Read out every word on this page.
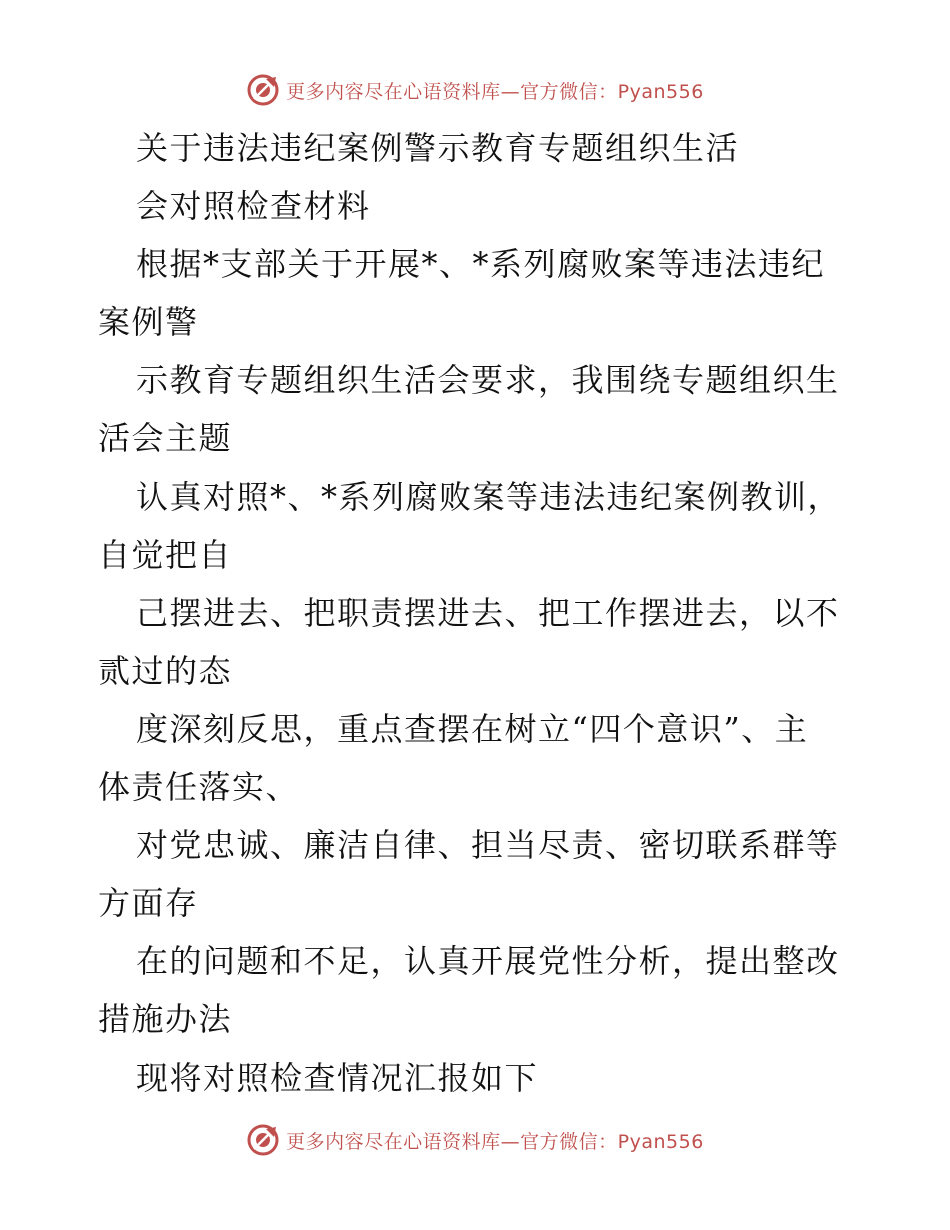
更多内容尽在心语资料库—官方微信：Pyan556
关于违法违纪案例警示教育专题组织生活
会对照检查材料
根据*支部关于开展*、*系列腐败案等违法违纪
案例警
示教育专题组织生活会要求，我围绕专题组织生
活会主题
认真对照*、*系列腐败案等违法违纪案例教训，
自觉把自
己摆进去、把职责摆进去、把工作摆进去，以不
贰过的态
度深刻反思，重点查摆在树立“四个意识”、主
体责任落实、
对党忠诚、廉洁自律、担当尽责、密切联系群等
方面存
在的问题和不足，认真开展党性分析，提出整改
措施办法
现将对照检查情况汇报如下
更多内容尽在心语资料库—官方微信：Pyan556
